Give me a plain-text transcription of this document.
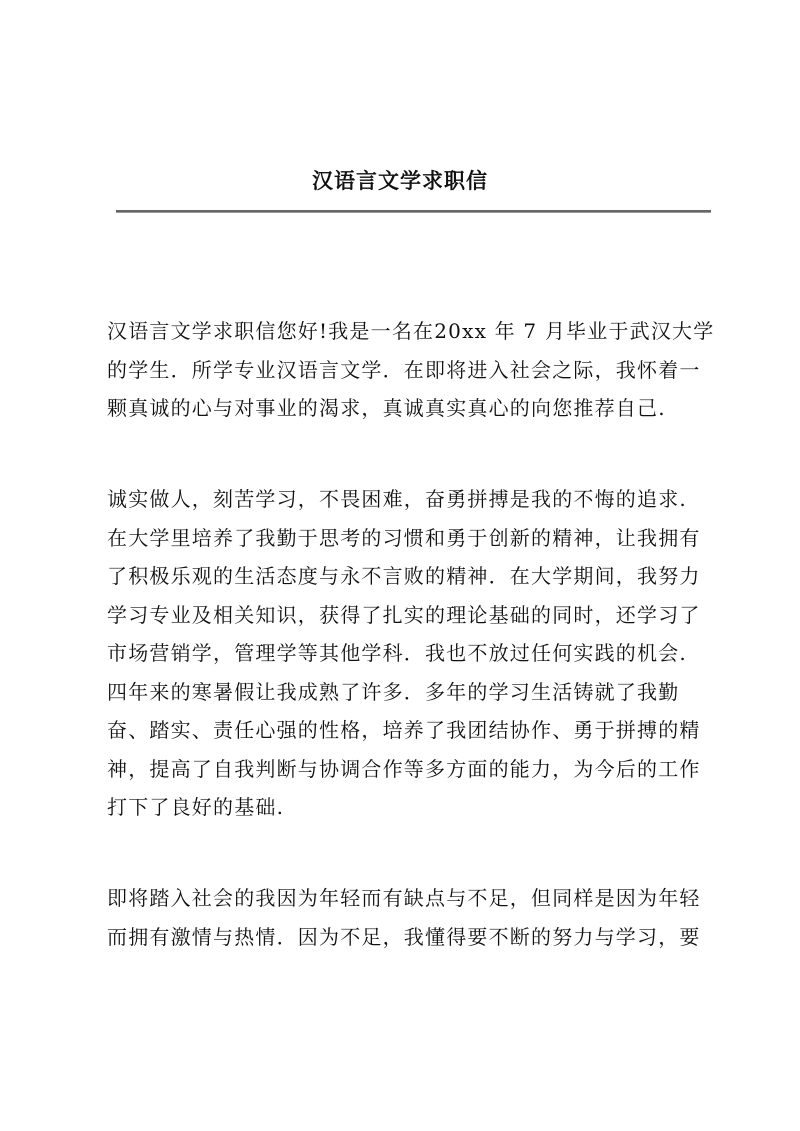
汉语言文学求职信
汉语言文学求职信您好!我是一名在20xx 年 7 月毕业于武汉大学
的学生．所学专业汉语言文学．在即将进入社会之际，我怀着一
颗真诚的心与对事业的渴求，真诚真实真心的向您推荐自己.
诚实做人，刻苦学习，不畏困难，奋勇拼搏是我的不悔的追求.
在大学里培养了我勤于思考的习惯和勇于创新的精神，让我拥有
了积极乐观的生活态度与永不言败的精神．在大学期间，我努力
学习专业及相关知识，获得了扎实的理论基础的同时，还学习了
市场营销学，管理学等其他学科．我也不放过任何实践的机会.
四年来的寒暑假让我成熟了许多．多年的学习生活铸就了我勤
奋、踏实、责任心强的性格，培养了我团结协作、勇于拼搏的精
神，提高了自我判断与协调合作等多方面的能力，为今后的工作
打下了良好的基础.
即将踏入社会的我因为年轻而有缺点与不足，但同样是因为年轻
而拥有激情与热情．因为不足，我懂得要不断的努力与学习，要
